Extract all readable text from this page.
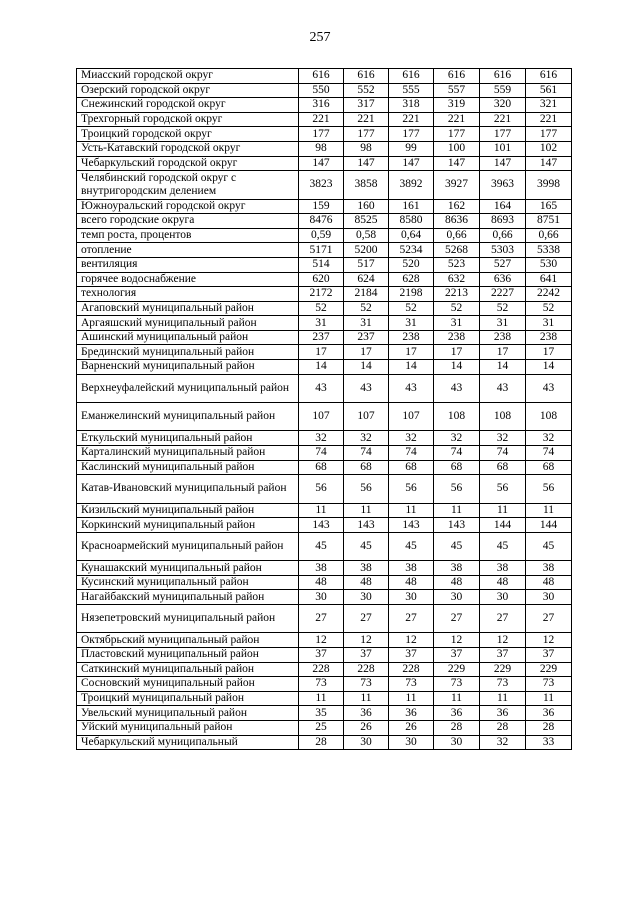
257
Миасский городской округ	616	616	616	616	616	616
Озерский городской округ	550	552	555	557	559	561
Снежинский городской округ	316	317	318	319	320	321
Трехгорный городской округ	221	221	221	221	221	221
Троицкий городской округ	177	177	177	177	177	177
Усть-Катавский городской округ	98	98	99	100	101	102
Чебаркульский городской округ	147	147	147	147	147	147
Челябинский городской округ с внутригородским делением	3823	3858	3892	3927	3963	3998
Южноуральский городской округ	159	160	161	162	164	165
всего городские округа	8476	8525	8580	8636	8693	8751
темп роста, процентов	0,59	0,58	0,64	0,66	0,66	0,66
отопление	5171	5200	5234	5268	5303	5338
вентиляция	514	517	520	523	527	530
горячее водоснабжение	620	624	628	632	636	641
технология	2172	2184	2198	2213	2227	2242
Агаповский муниципальный район	52	52	52	52	52	52
Аргаяшский муниципальный район	31	31	31	31	31	31
Ашинский муниципальный район	237	237	238	238	238	238
Брединский муниципальный район	17	17	17	17	17	17
Варненский муниципальный район	14	14	14	14	14	14
Верхнеуфалейский муниципальный район	43	43	43	43	43	43
Еманжелинский муниципальный район	107	107	107	108	108	108
Еткульский муниципальный район	32	32	32	32	32	32
Карталинский муниципальный район	74	74	74	74	74	74
Каслинский муниципальный район	68	68	68	68	68	68
Катав-Ивановский муниципальный район	56	56	56	56	56	56
Кизильский муниципальный район	11	11	11	11	11	11
Коркинский муниципальный район	143	143	143	143	144	144
Красноармейский муниципальный район	45	45	45	45	45	45
Кунашакский муниципальный район	38	38	38	38	38	38
Кусинский муниципальный район	48	48	48	48	48	48
Нагайбакский муниципальный район	30	30	30	30	30	30
Нязепетровский муниципальный район	27	27	27	27	27	27
Октябрьский муниципальный район	12	12	12	12	12	12
Пластовский муниципальный район	37	37	37	37	37	37
Саткинский муниципальный район	228	228	228	229	229	229
Сосновский муниципальный район	73	73	73	73	73	73
Троицкий муниципальный район	11	11	11	11	11	11
Увельский муниципальный район	35	36	36	36	36	36
Уйский муниципальный район	25	26	26	28	28	28
Чебаркульский муниципальный	28	30	30	30	32	33
